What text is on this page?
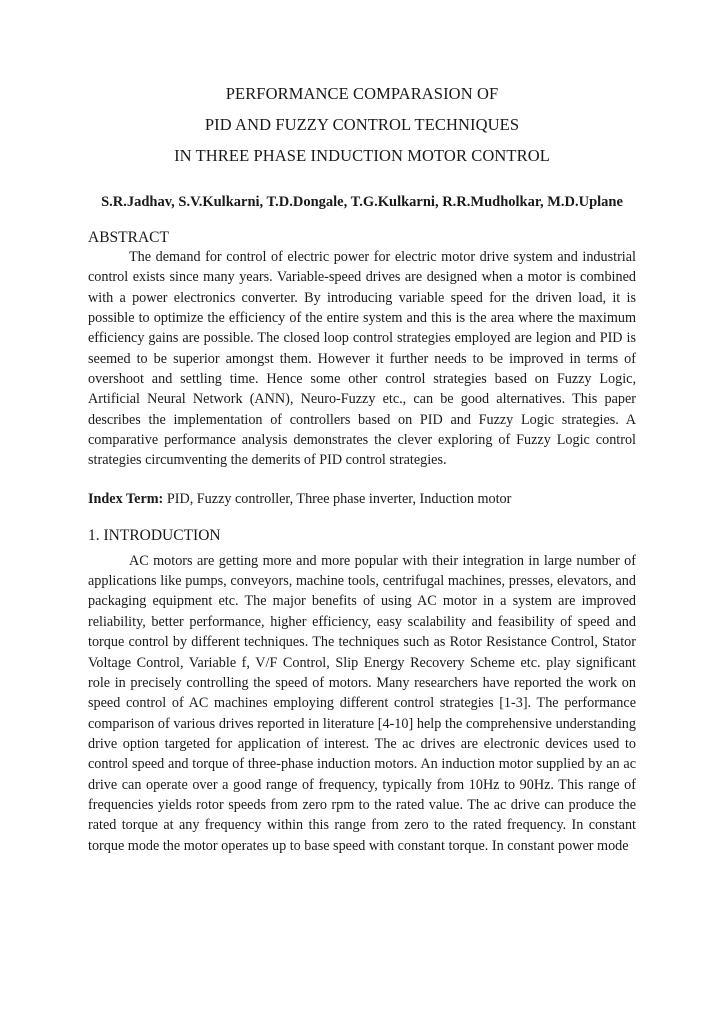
PERFORMANCE COMPARASION OF
PID AND FUZZY CONTROL TECHNIQUES
IN THREE PHASE INDUCTION MOTOR CONTROL
S.R.Jadhav, S.V.Kulkarni, T.D.Dongale, T.G.Kulkarni, R.R.Mudholkar, M.D.Uplane
ABSTRACT

The demand for control of electric power for electric motor drive system and industrial control exists since many years. Variable-speed drives are designed when a motor is combined with a power electronics converter. By introducing variable speed for the driven load, it is possible to optimize the efficiency of the entire system and this is the area where the maximum efficiency gains are possible. The closed loop control strategies employed are legion and PID is seemed to be superior amongst them. However it further needs to be improved in terms of overshoot and settling time. Hence some other control strategies based on Fuzzy Logic, Artificial Neural Network (ANN), Neuro-Fuzzy etc., can be good alternatives. This paper describes the implementation of controllers based on PID and Fuzzy Logic strategies. A comparative performance analysis demonstrates the clever exploring of Fuzzy Logic control strategies circumventing the demerits of PID control strategies.

Index Term: PID, Fuzzy controller, Three phase inverter, Induction motor
1. INTRODUCTION

AC motors are getting more and more popular with their integration in large number of applications like pumps, conveyors, machine tools, centrifugal machines, presses, elevators, and packaging equipment etc. The major benefits of using AC motor in a system are improved reliability, better performance, higher efficiency, easy scalability and feasibility of speed and torque control by different techniques. The techniques such as Rotor Resistance Control, Stator Voltage Control, Variable f, V/F Control, Slip Energy Recovery Scheme etc. play significant role in precisely controlling the speed of motors. Many researchers have reported the work on speed control of AC machines employing different control strategies [1-3]. The performance comparison of various drives reported in literature [4-10] help the comprehensive understanding drive option targeted for application of interest. The ac drives are electronic devices used to control speed and torque of three-phase induction motors. An induction motor supplied by an ac drive can operate over a good range of frequency, typically from 10Hz to 90Hz. This range of frequencies yields rotor speeds from zero rpm to the rated value. The ac drive can produce the rated torque at any frequency within this range from zero to the rated frequency. In constant torque mode the motor operates up to base speed with constant torque. In constant power mode
